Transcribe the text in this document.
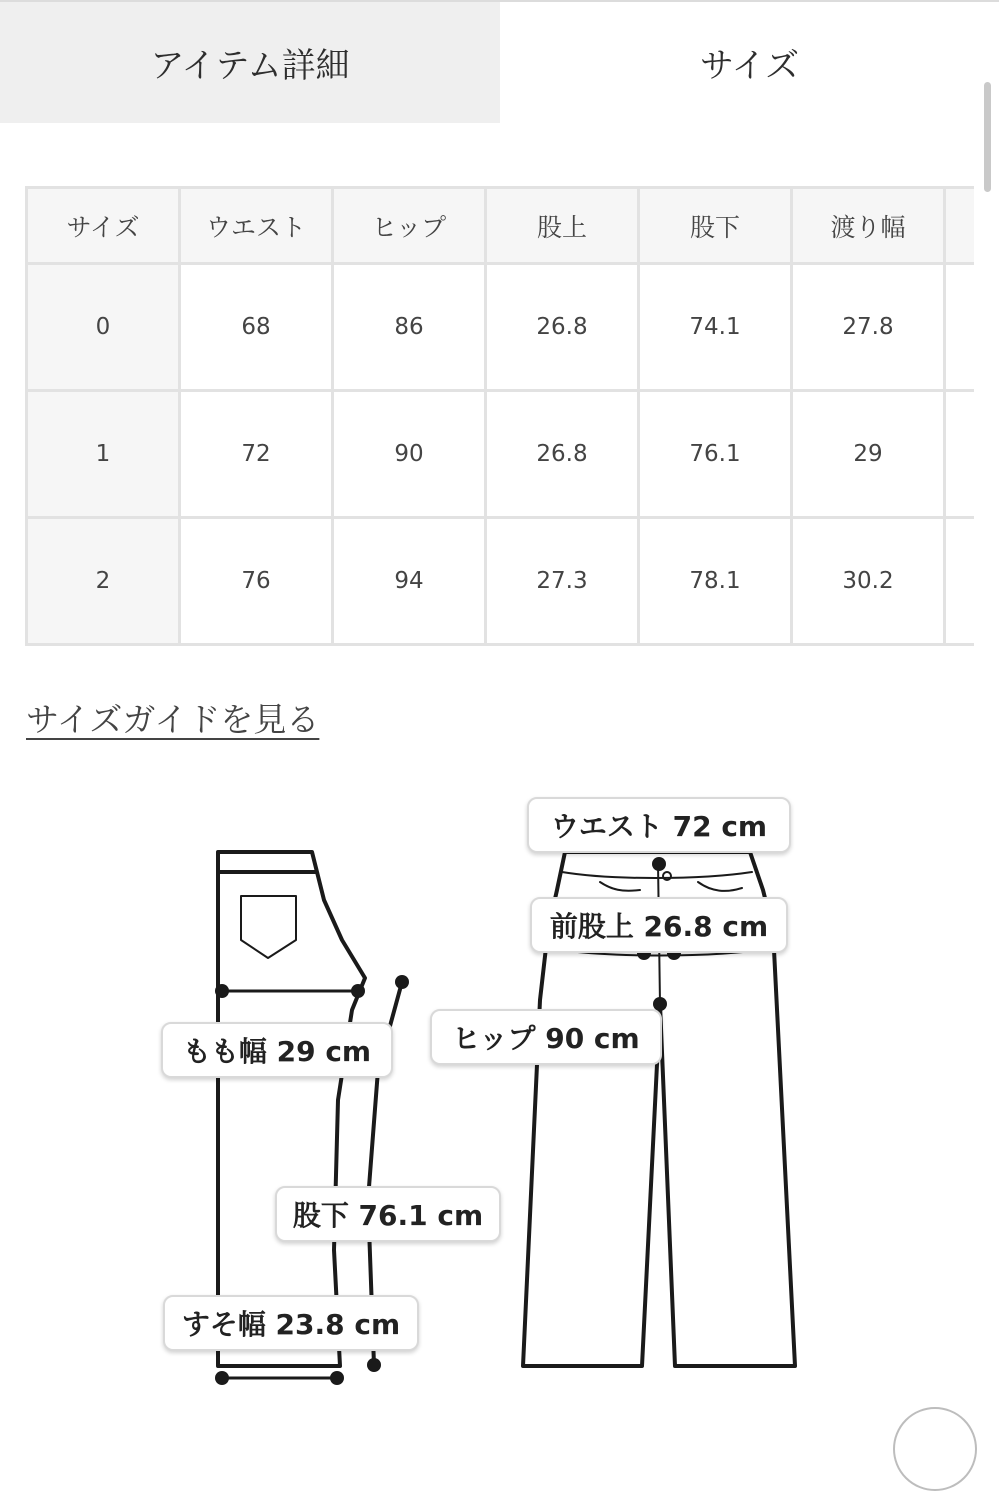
アイテム詳細	サイズ
サイズ	ウエスト	ヒップ	股上	股下	渡り幅	
0	68	86	26.8	74.1	27.8	
1	72	90	26.8	76.1	29	
2	76	94	27.3	78.1	30.2	
サイズガイドを見る
ウエスト 72 cm
前股上 26.8 cm
ヒップ 90 cm
もも幅 29 cm
股下 76.1 cm
すそ幅 23.8 cm
